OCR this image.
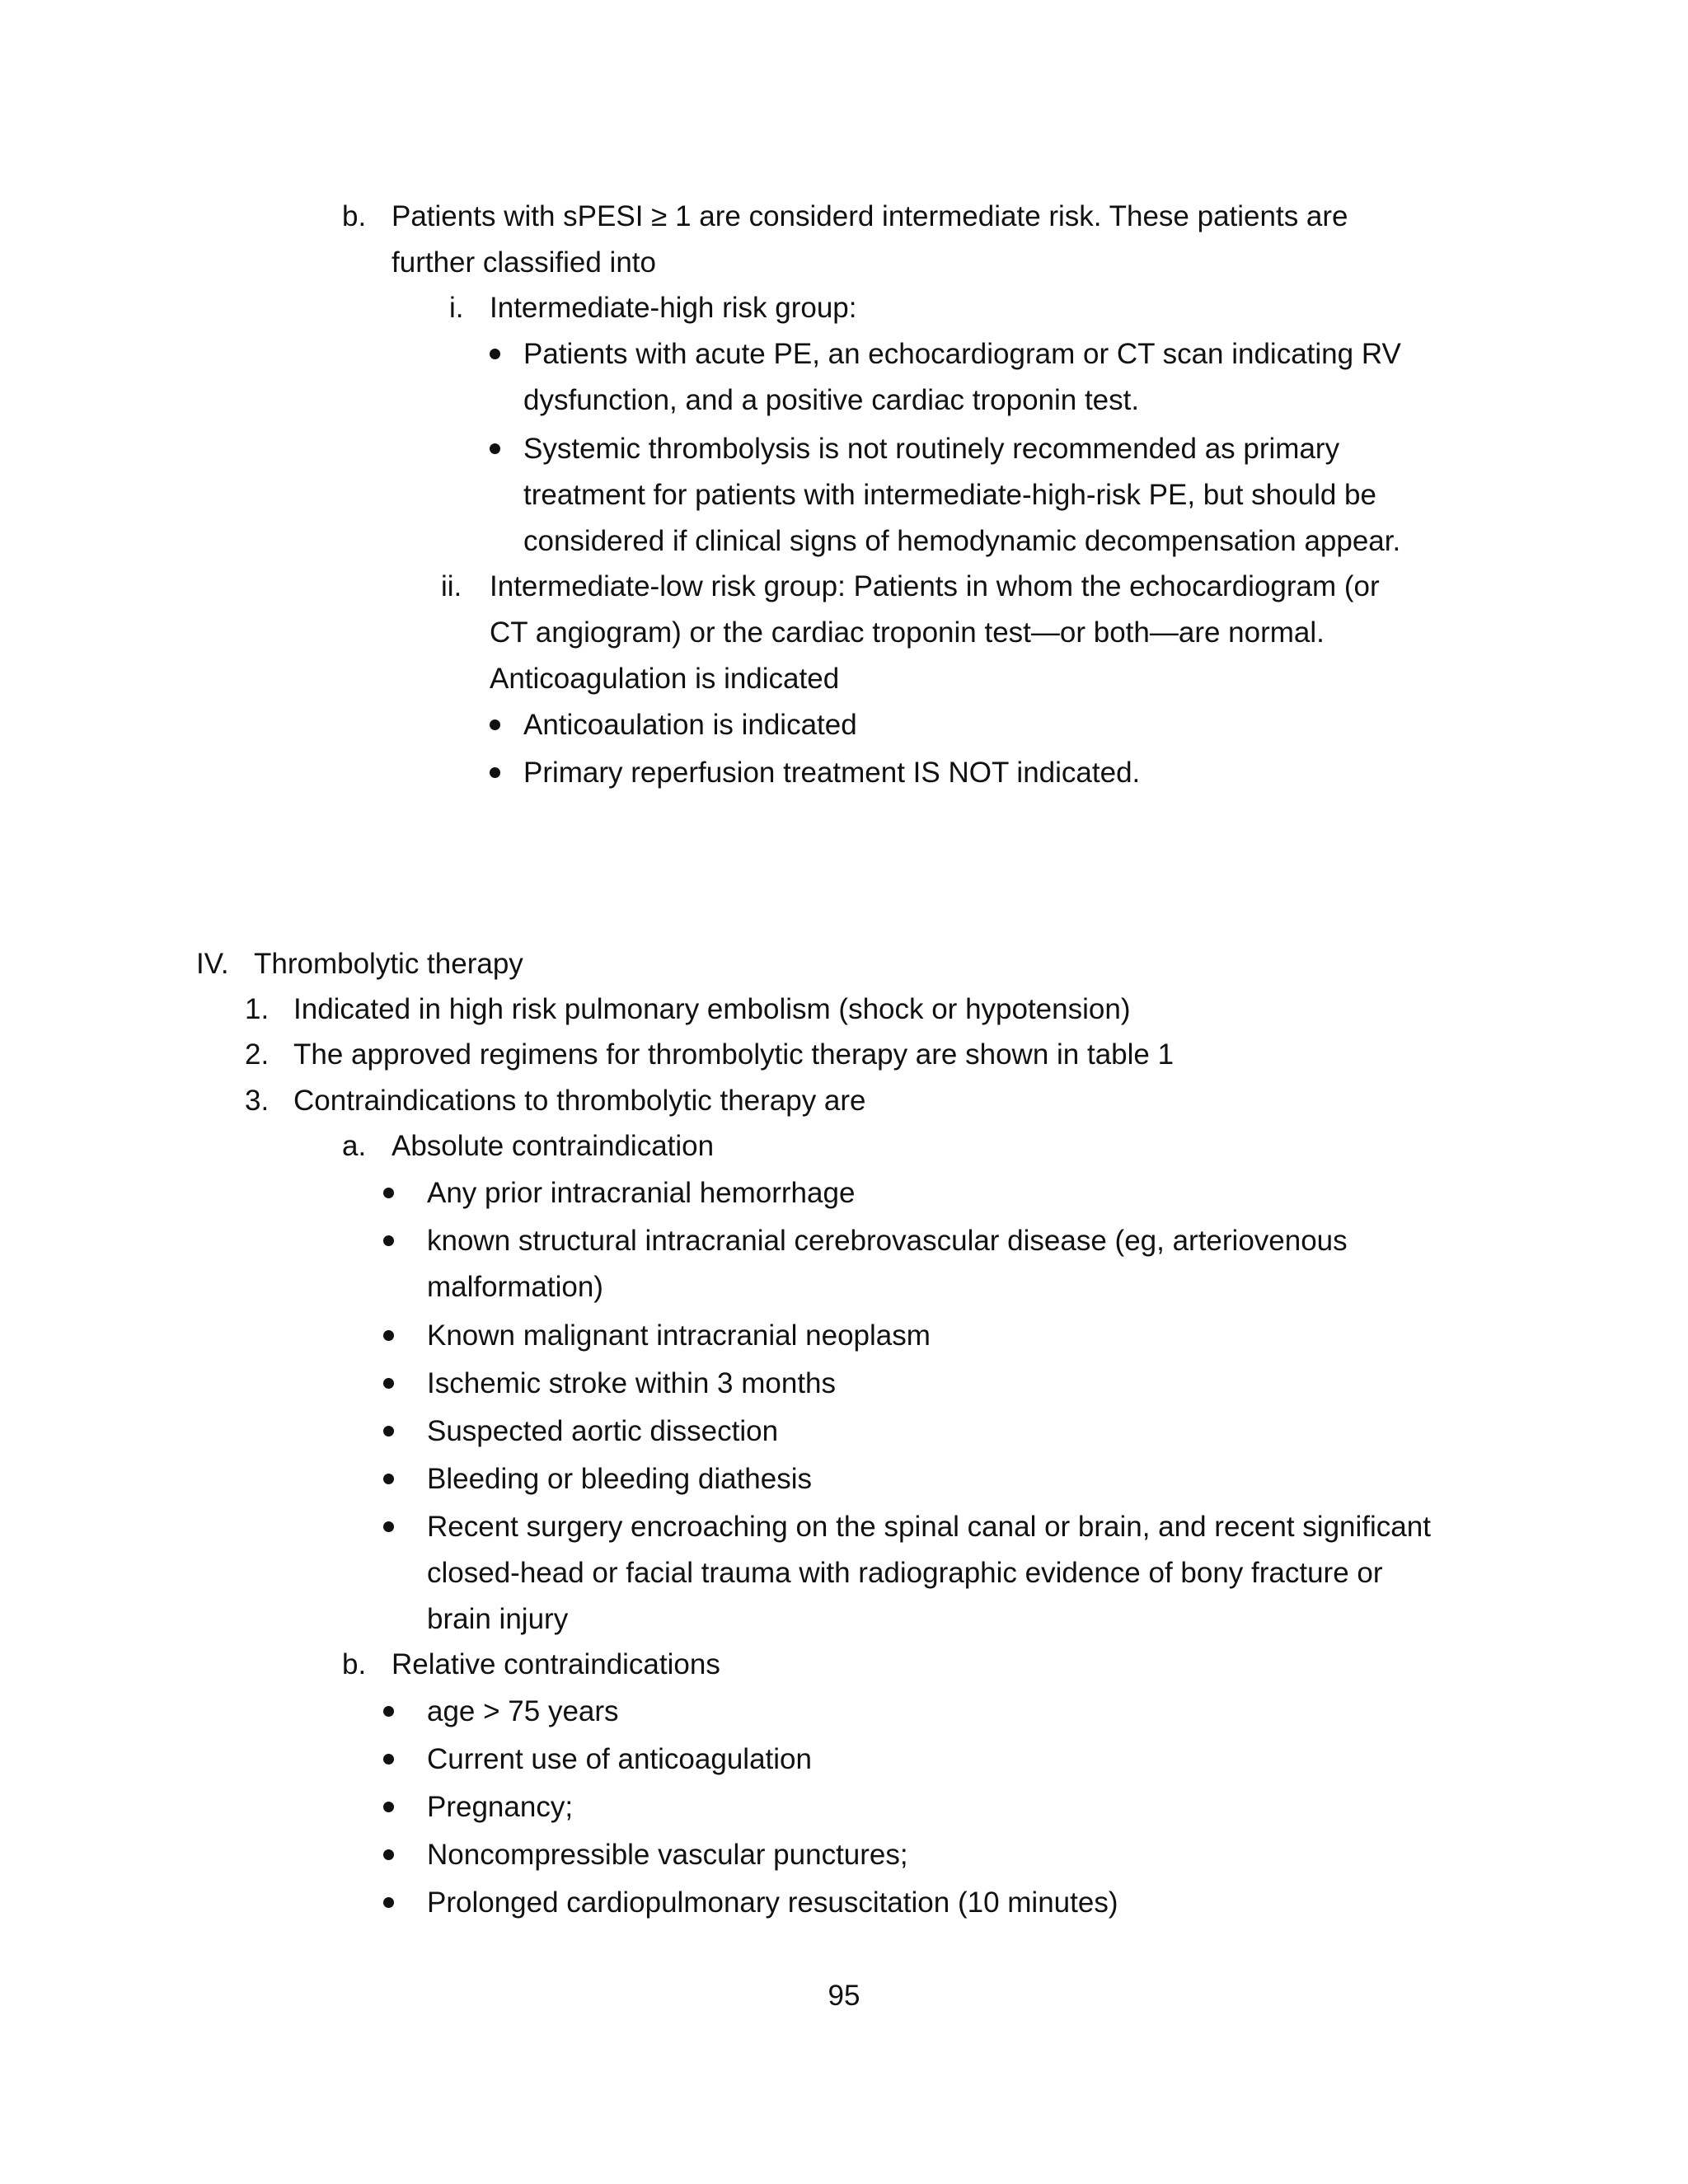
b. Patients with sPESI ≥ 1 are considerd intermediate risk. These patients are
further classified into
i. Intermediate-high risk group:
Patients with acute PE, an echocardiogram or CT scan indicating RV
dysfunction, and a positive cardiac troponin test.
Systemic thrombolysis is not routinely recommended as primary
treatment for patients with intermediate-high-risk PE, but should be
considered if clinical signs of hemodynamic decompensation appear.
ii. Intermediate-low risk group: Patients in whom the echocardiogram (or
CT angiogram) or the cardiac troponin test—or both—are normal.
Anticoagulation is indicated
Anticoaulation is indicated
Primary reperfusion treatment IS NOT indicated.
IV. Thrombolytic therapy
1. Indicated in high risk pulmonary embolism (shock or hypotension)
2. The approved regimens for thrombolytic therapy are shown in table 1
3. Contraindications to thrombolytic therapy are
a. Absolute contraindication
Any prior intracranial hemorrhage
known structural intracranial cerebrovascular disease (eg, arteriovenous
malformation)
Known malignant intracranial neoplasm
Ischemic stroke within 3 months
Suspected aortic dissection
Bleeding or bleeding diathesis
Recent surgery encroaching on the spinal canal or brain, and recent significant
closed-head or facial trauma with radiographic evidence of bony fracture or
brain injury
b. Relative contraindications
age > 75 years
Current use of anticoagulation
Pregnancy;
Noncompressible vascular punctures;
Prolonged cardiopulmonary resuscitation (10 minutes)
95
